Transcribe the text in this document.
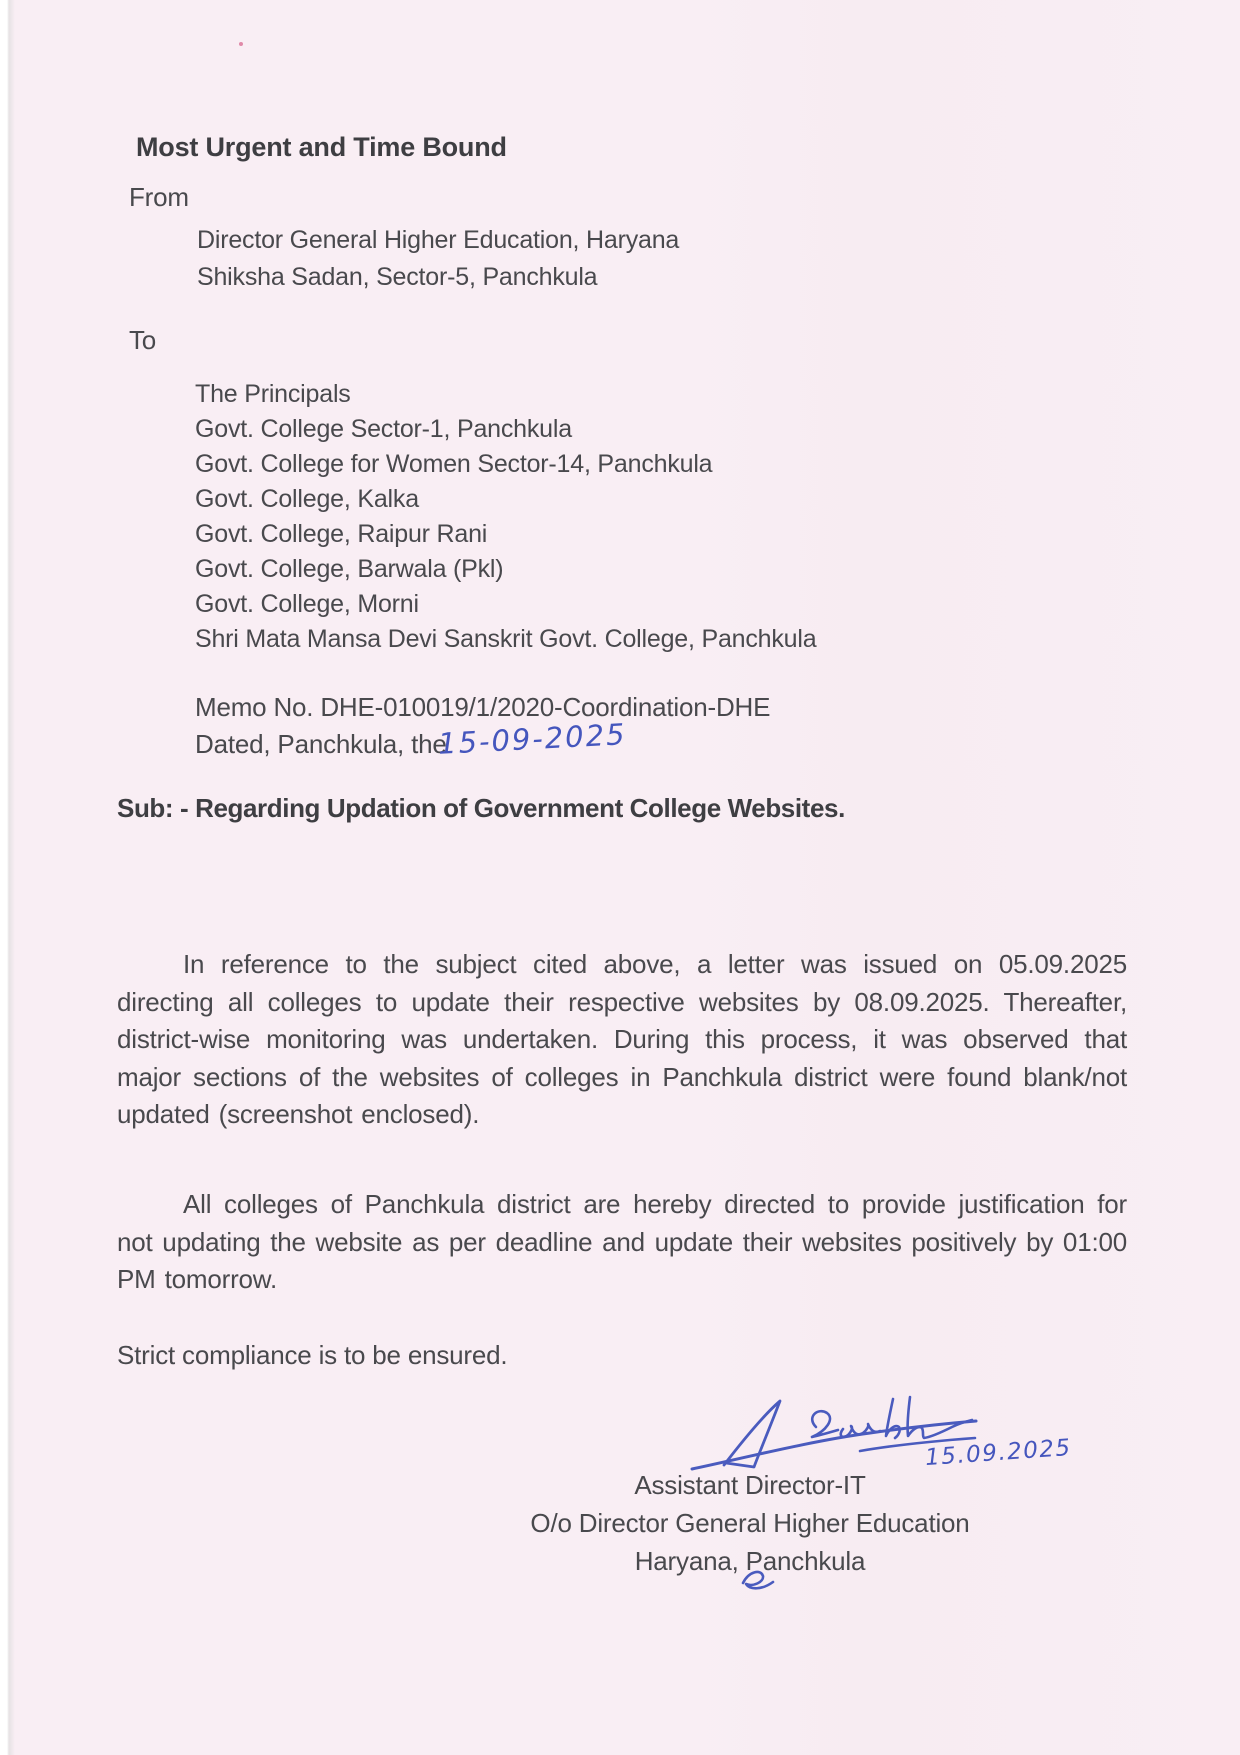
Most Urgent and Time Bound
From
Director General Higher Education, Haryana
Shiksha Sadan, Sector-5, Panchkula
To
The Principals
Govt. College Sector-1, Panchkula
Govt. College for Women Sector-14, Panchkula
Govt. College, Kalka
Govt. College, Raipur Rani
Govt. College, Barwala (Pkl)
Govt. College, Morni
Shri Mata Mansa Devi Sanskrit Govt. College, Panchkula
Memo No. DHE-010019/1/2020-Coordination-DHE
Dated, Panchkula, the
15-09-2025
Sub: - Regarding Updation of Government College Websites.
In reference to the subject cited above, a letter was issued on 05.09.2025 directing all colleges to update their respective websites by 08.09.2025. Thereafter, district-wise monitoring was undertaken. During this process, it was observed that major sections of the websites of colleges in Panchkula district were found blank/not updated (screenshot enclosed).
All colleges of Panchkula district are hereby directed to provide justification for not updating the website as per deadline and update their websites positively by 01:00 PM tomorrow.
Strict compliance is to be ensured.
15.09.2025
Assistant Director-IT
O/o Director General Higher Education
Haryana, Panchkula
